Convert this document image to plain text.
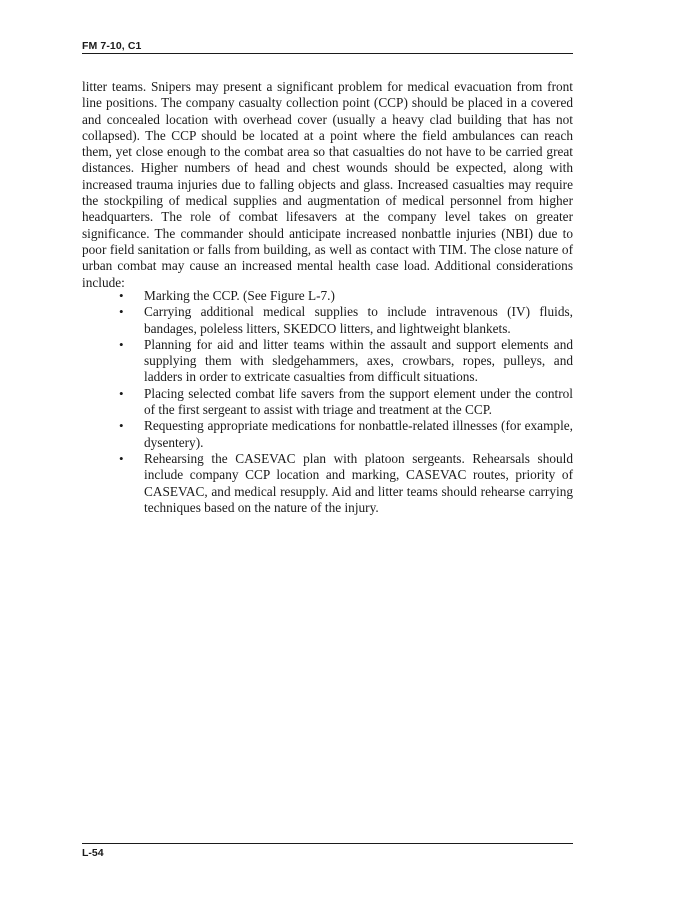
FM 7-10, C1

litter teams. Snipers may present a significant problem for medical evacuation from front line positions. The company casualty collection point (CCP) should be placed in a covered and concealed location with overhead cover (usually a heavy clad building that has not collapsed). The CCP should be located at a point where the field ambulances can reach them, yet close enough to the combat area so that casualties do not have to be carried great distances. Higher numbers of head and chest wounds should be expected, along with increased trauma injuries due to falling objects and glass. Increased casualties may require the stockpiling of medical supplies and augmentation of medical personnel from higher headquarters. The role of combat lifesavers at the company level takes on greater significance. The commander should anticipate increased nonbattle injuries (NBI) due to poor field sanitation or falls from building, as well as contact with TIM. The close nature of urban combat may cause an increased mental health case load. Additional considerations include:

• Marking the CCP. (See Figure L-7.)
• Carrying additional medical supplies to include intravenous (IV) fluids, bandages, poleless litters, SKEDCO litters, and lightweight blankets.
• Planning for aid and litter teams within the assault and support elements and supplying them with sledgehammers, axes, crowbars, ropes, pulleys, and ladders in order to extricate casualties from difficult situations.
• Placing selected combat life savers from the support element under the control of the first sergeant to assist with triage and treatment at the CCP.
• Requesting appropriate medications for nonbattle-related illnesses (for example, dysentery).
• Rehearsing the CASEVAC plan with platoon sergeants. Rehearsals should include company CCP location and marking, CASEVAC routes, priority of CASEVAC, and medical resupply. Aid and litter teams should rehearse carrying techniques based on the nature of the injury.
L-54
